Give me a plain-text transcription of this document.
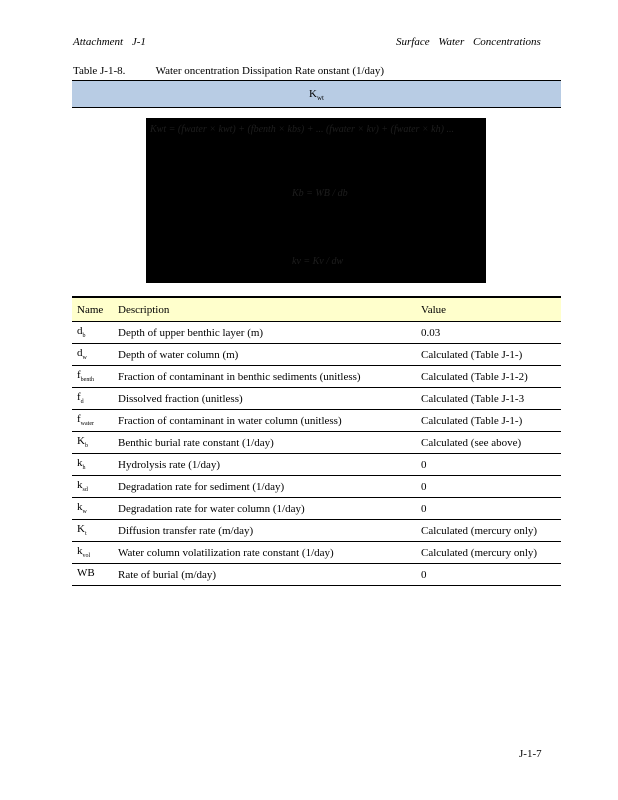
Attachment J-1	Surface Water Concentrations
Table J-1-8.	Water oncentration Dissipation Rate onstant (1/day)
$K_{wt}$
Kwt = (fwater × kwt) + (fbenth × kbs) + ... (fwater × kv) + (fwater × kh) ...
Kb = WB / db
kv = Kv / dw
Name	Description	Value
$d_b$	Depth of upper benthic layer (m)	0.03
$d_w$	Depth of water column (m)	Calculated (Table J-1-)
$f_{benth}$	Fraction of contaminant in benthic sediments (unitless)	Calculated (Table J-1-2)
$f_d$	Dissolved fraction (unitless)	Calculated (Table J-1-3
$f_{water}$	Fraction of contaminant in water column (unitless)	Calculated (Table J-1-)
$K_b$	Benthic burial rate constant (1/day)	Calculated (see above)
$k_h$	Hydrolysis rate (1/day)	0
$k_{sd}$	Degradation rate for sediment (1/day)	0
$k_w$	Degradation rate for water column (1/day)	0
$K_t$	Diffusion transfer rate (m/day)	Calculated (mercury only)
$k_{vol}$	Water column volatilization rate constant (1/day)	Calculated (mercury only)
WB	Rate of burial (m/day)	0
J-1-7
